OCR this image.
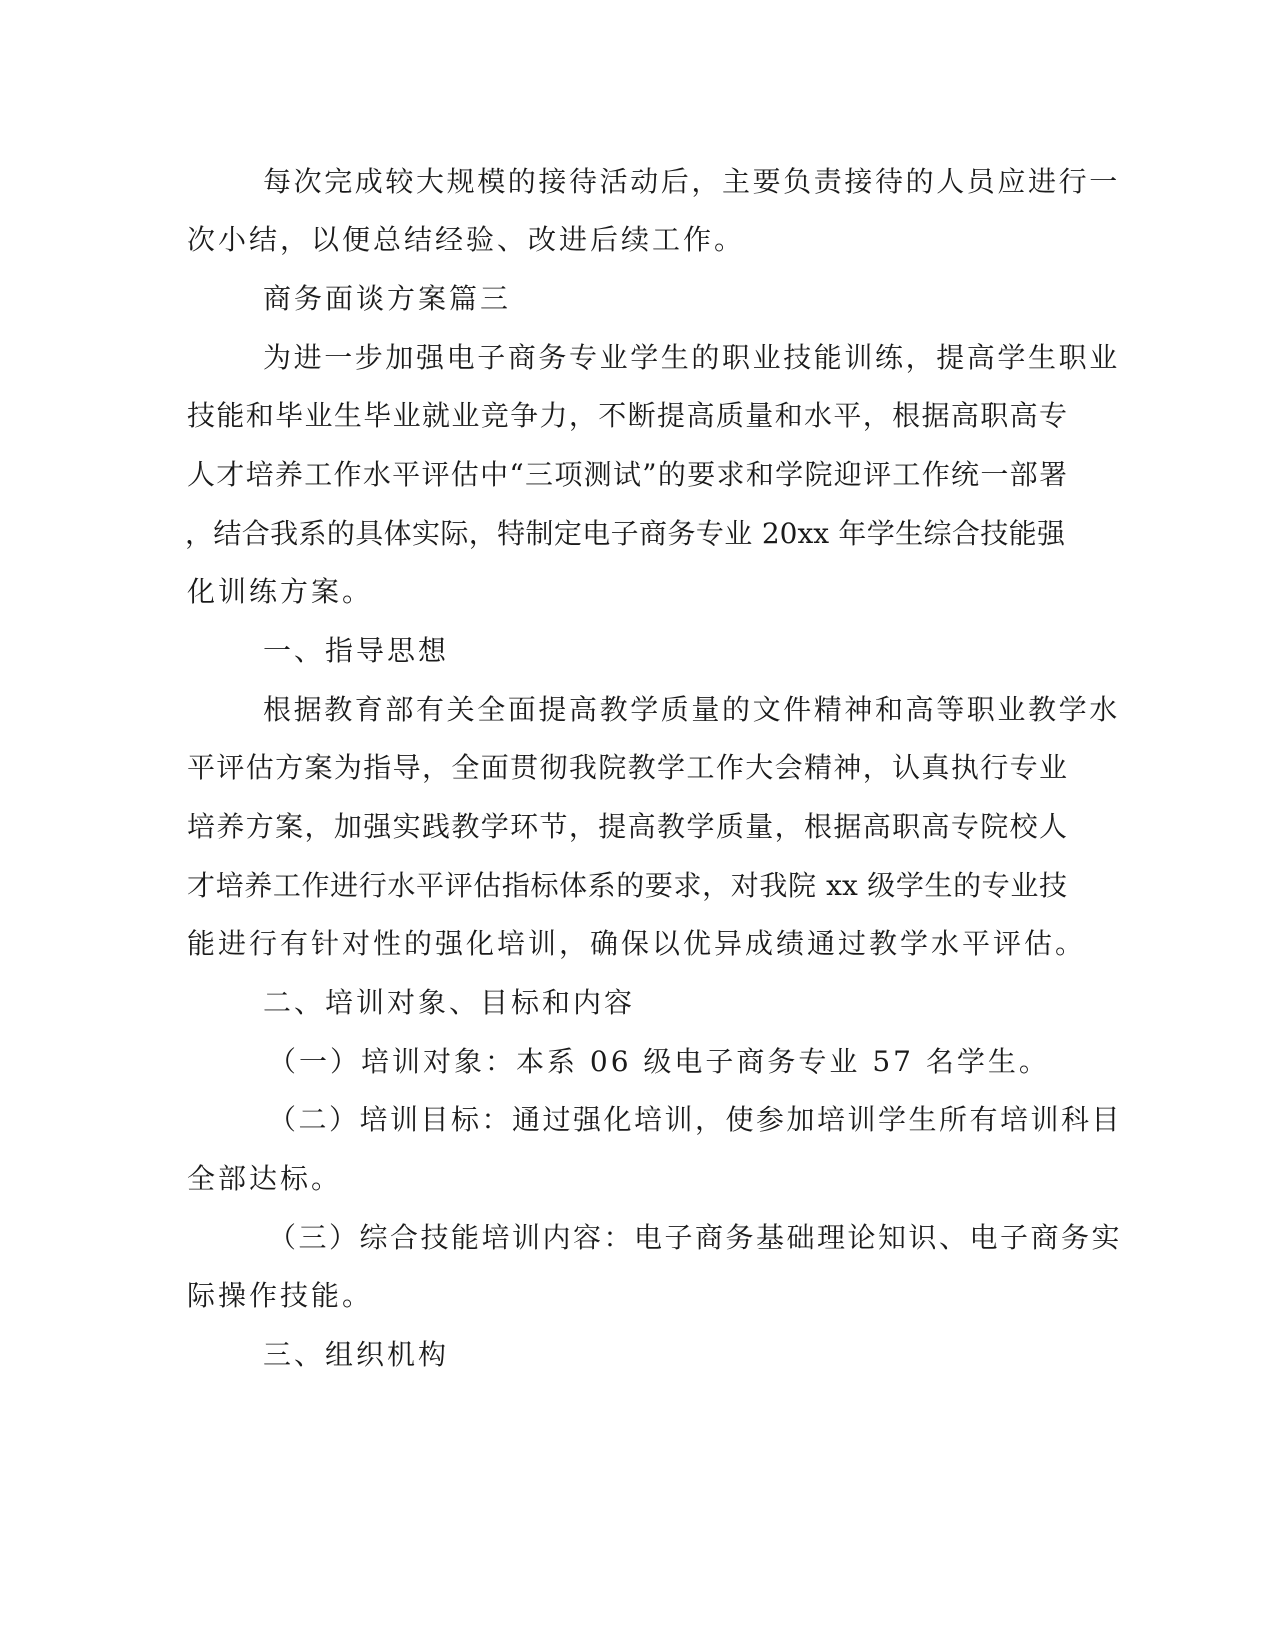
每次完成较大规模的接待活动后，主要负责接待的人员应进行一
次小结，以便总结经验、改进后续工作。
商务面谈方案篇三
为进一步加强电子商务专业学生的职业技能训练，提高学生职业
技能和毕业生毕业就业竞争力，不断提高质量和水平，根据高职高专
人才培养工作水平评估中“三项测试”的要求和学院迎评工作统一部署
，结合我系的具体实际，特制定电子商务专业 20xx 年学生综合技能强
化训练方案。
一、指导思想
根据教育部有关全面提高教学质量的文件精神和高等职业教学水
平评估方案为指导，全面贯彻我院教学工作大会精神，认真执行专业
培养方案，加强实践教学环节，提高教学质量，根据高职高专院校人
才培养工作进行水平评估指标体系的要求，对我院 xx 级学生的专业技
能进行有针对性的强化培训，确保以优异成绩通过教学水平评估。
二、培训对象、目标和内容
（一）培训对象：本系 06 级电子商务专业 57 名学生。
（二）培训目标：通过强化培训，使参加培训学生所有培训科目
全部达标。
（三）综合技能培训内容：电子商务基础理论知识、电子商务实
际操作技能。
三、组织机构
